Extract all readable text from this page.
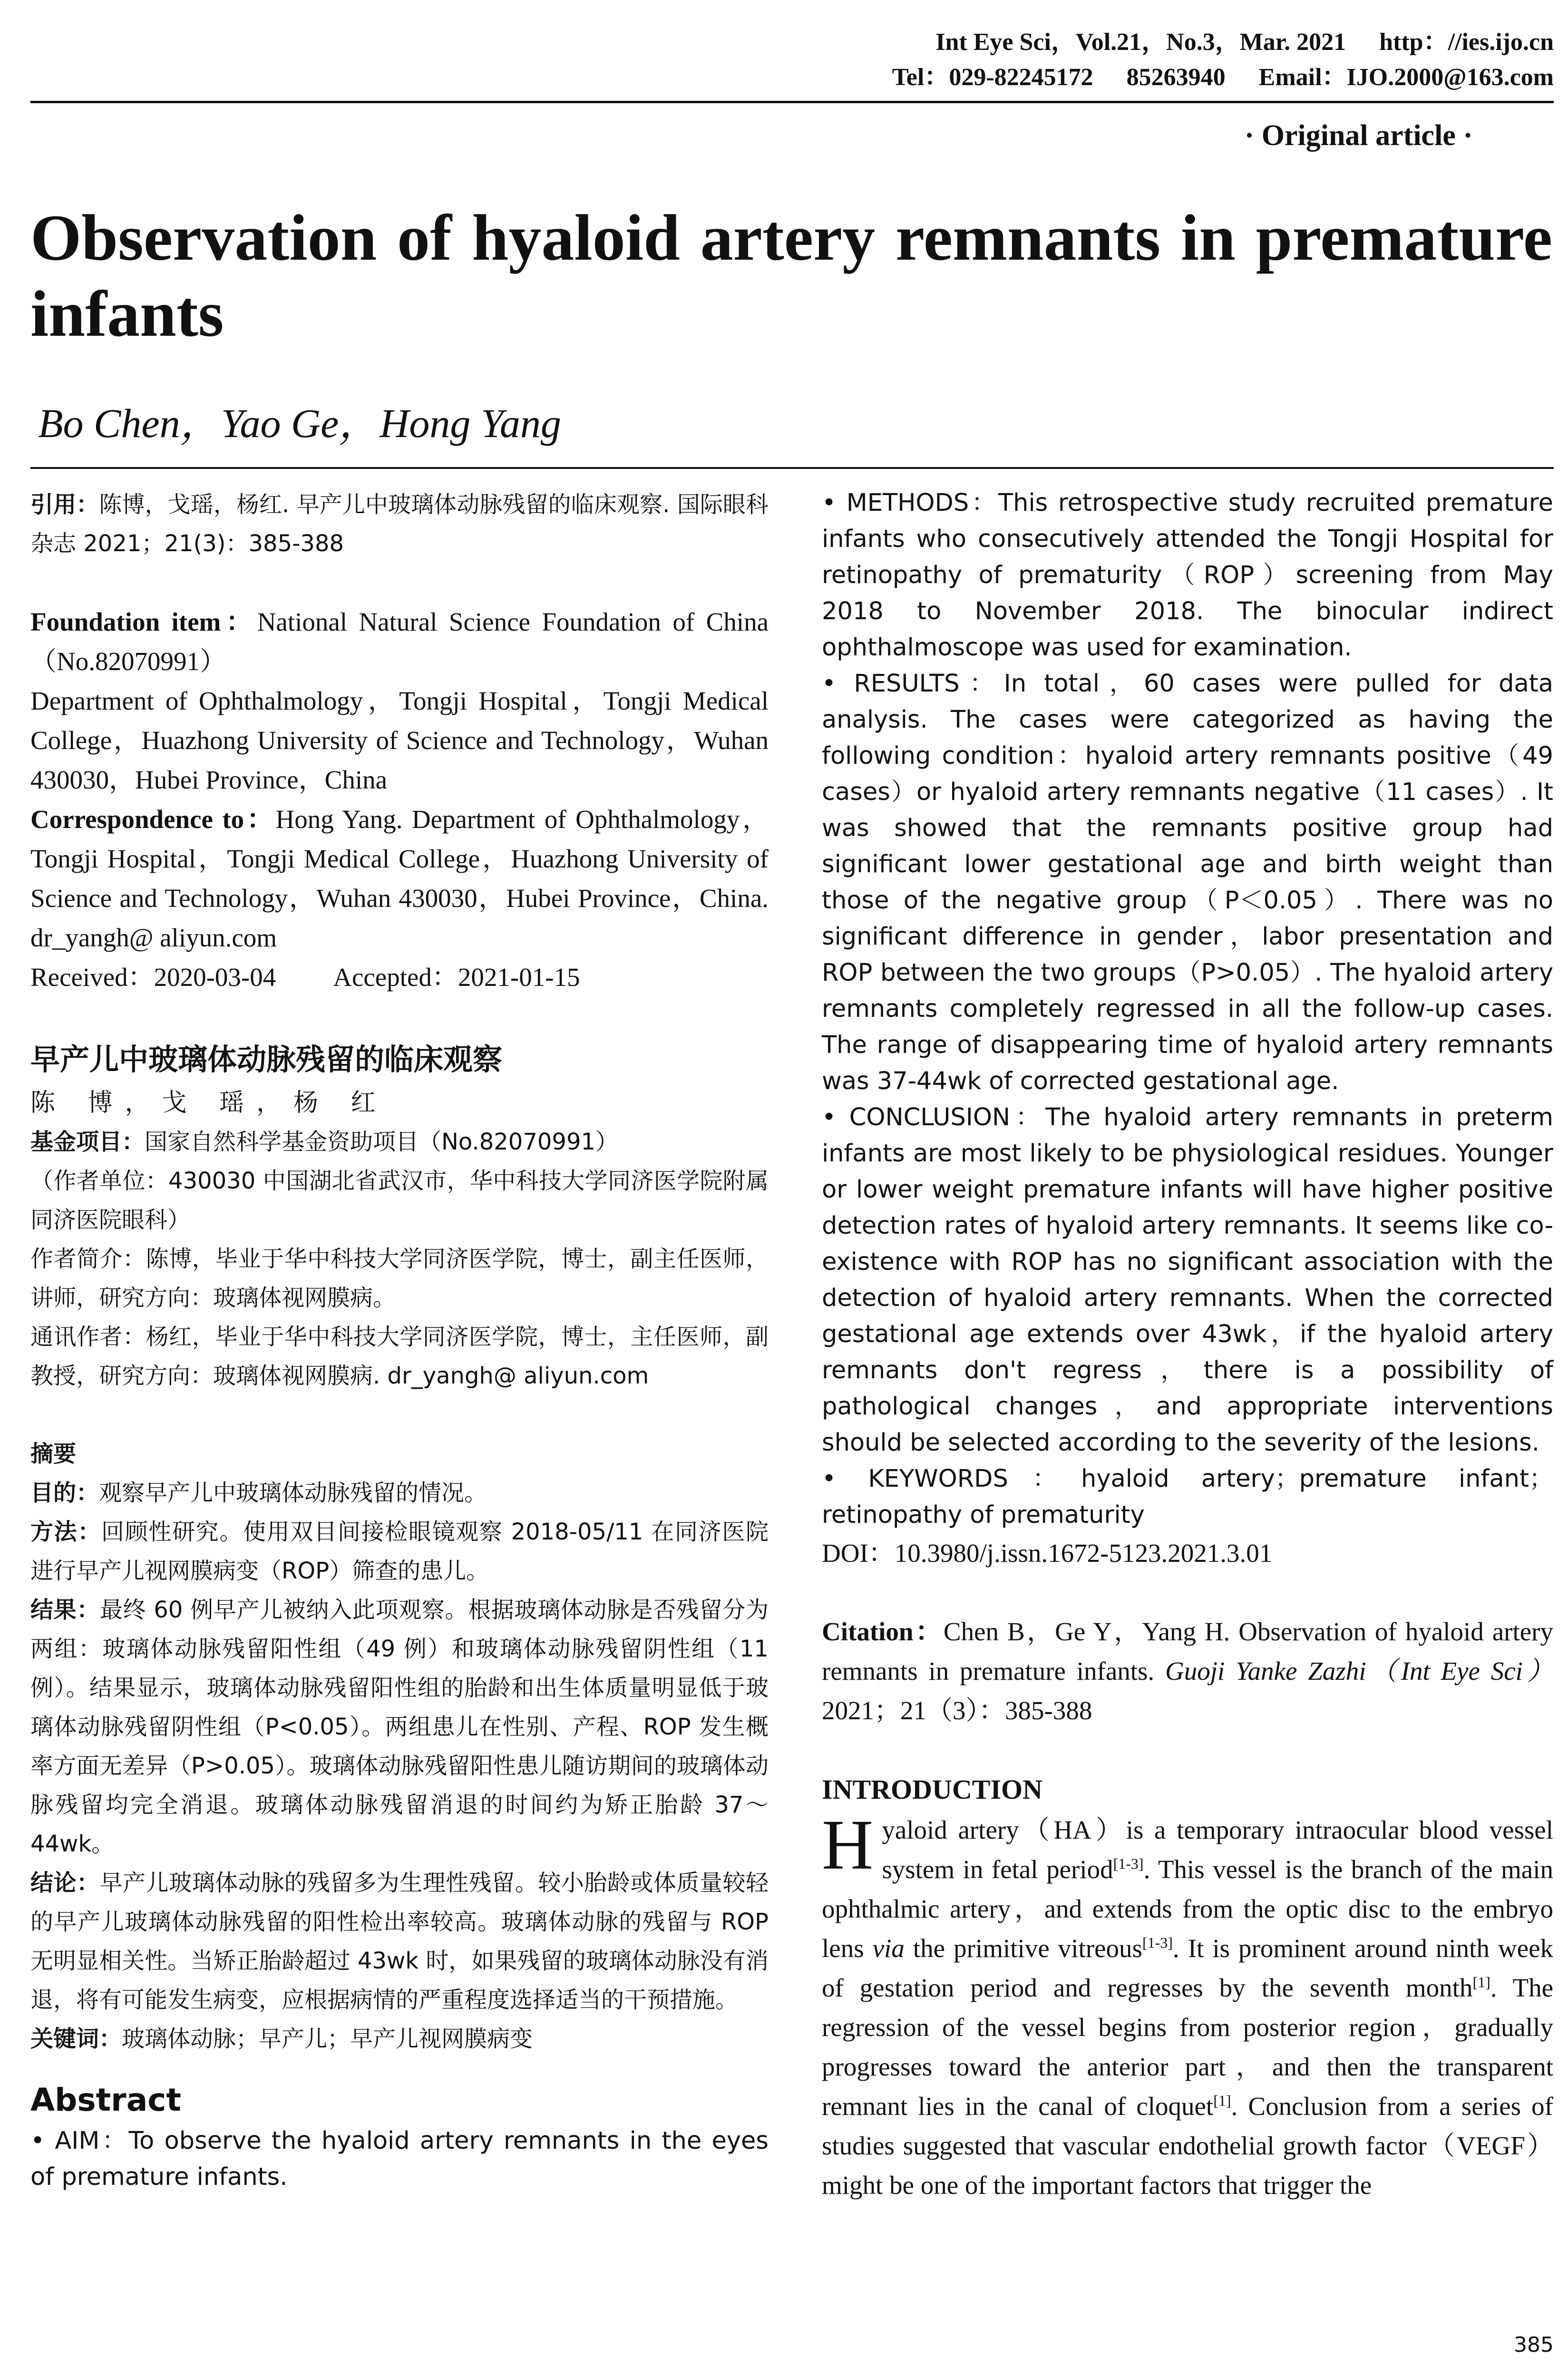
Int Eye Sci，Vol.21，No.3，Mar. 2021 http：//ies.ijo.cn
Tel：029-82245172 85263940 Email：IJO.2000@163.com
· Original article ·
Observation of hyaloid artery remnants in premature infants
Bo Chen，Yao Ge，Hong Yang

引用：陈博，戈瑶，杨红. 早产儿中玻璃体动脉残留的临床观察. 国际眼科杂志 2021；21(3)：385-388

Foundation item：National Natural Science Foundation of China（No.82070991）

Department of Ophthalmology，Tongji Hospital，Tongji Medical College，Huazhong University of Science and Technology，Wuhan 430030，Hubei Province，China

Correspondence to：Hong Yang. Department of Ophthalmology，Tongji Hospital，Tongji Medical College，Huazhong University of Science and Technology，Wuhan 430030，Hubei Province，China. dr_yangh@ aliyun.com

Received：2020-03-04 Accepted：2021-01-15

早产儿中玻璃体动脉残留的临床观察

陈 博，戈 瑶，杨 红

基金项目：国家自然科学基金资助项目（No.82070991）

（作者单位：430030 中国湖北省武汉市，华中科技大学同济医学院附属同济医院眼科）

作者简介：陈博，毕业于华中科技大学同济医学院，博士，副主任医师，讲师，研究方向：玻璃体视网膜病。

通讯作者：杨红，毕业于华中科技大学同济医学院，博士，主任医师，副教授，研究方向：玻璃体视网膜病. dr_yangh@ aliyun.com

摘要

目的：观察早产儿中玻璃体动脉残留的情况。

方法：回顾性研究。使用双目间接检眼镜观察 2018-05/11 在同济医院进行早产儿视网膜病变（ROP）筛查的患儿。

结果：最终 60 例早产儿被纳入此项观察。根据玻璃体动脉是否残留分为两组：玻璃体动脉残留阳性组（49 例）和玻璃体动脉残留阴性组（11 例）。结果显示，玻璃体动脉残留阳性组的胎龄和出生体质量明显低于玻璃体动脉残留阴性组（P<0.05）。两组患儿在性别、产程、ROP 发生概率方面无差异（P>0.05）。玻璃体动脉残留阳性患儿随访期间的玻璃体动脉残留均完全消退。玻璃体动脉残留消退的时间约为矫正胎龄 37～44wk。

结论：早产儿玻璃体动脉的残留多为生理性残留。较小胎龄或体质量较轻的早产儿玻璃体动脉残留的阳性检出率较高。玻璃体动脉的残留与 ROP 无明显相关性。当矫正胎龄超过 43wk 时，如果残留的玻璃体动脉没有消退，将有可能发生病变，应根据病情的严重程度选择适当的干预措施。

关键词：玻璃体动脉；早产儿；早产儿视网膜病变

Abstract

• AIM：To observe the hyaloid artery remnants in the eyes of premature infants.

• METHODS：This retrospective study recruited premature infants who consecutively attended the Tongji Hospital for retinopathy of prematurity（ROP）screening from May 2018 to November 2018. The binocular indirect ophthalmoscope was used for examination.

• RESULTS：In total，60 cases were pulled for data analysis. The cases were categorized as having the following condition：hyaloid artery remnants positive（49 cases）or hyaloid artery remnants negative（11 cases）. It was showed that the remnants positive group had significant lower gestational age and birth weight than those of the negative group（P＜0.05）. There was no significant difference in gender，labor presentation and ROP between the two groups（P>0.05）. The hyaloid artery remnants completely regressed in all the follow-up cases. The range of disappearing time of hyaloid artery remnants was 37-44wk of corrected gestational age.

• CONCLUSION：The hyaloid artery remnants in preterm infants are most likely to be physiological residues. Younger or lower weight premature infants will have higher positive detection rates of hyaloid artery remnants. It seems like co-existence with ROP has no significant association with the detection of hyaloid artery remnants. When the corrected gestational age extends over 43wk，if the hyaloid artery remnants don't regress，there is a possibility of pathological changes，and appropriate interventions should be selected according to the severity of the lesions.

• KEYWORDS：hyaloid artery；premature infant；retinopathy of prematurity

DOI：10.3980/j.issn.1672-5123.2021.3.01

Citation：Chen B，Ge Y，Yang H. Observation of hyaloid artery remnants in premature infants. Guoji Yanke Zazhi（Int Eye Sci） 2021；21（3）：385-388

INTRODUCTION

Hyaloid artery（HA）is a temporary intraocular blood vessel system in fetal period[1-3]. This vessel is the branch of the main ophthalmic artery，and extends from the optic disc to the embryo lens via the primitive vitreous[1-3]. It is prominent around ninth week of gestation period and regresses by the seventh month[1]. The regression of the vessel begins from posterior region，gradually progresses toward the anterior part，and then the transparent remnant lies in the canal of cloquet[1]. Conclusion from a series of studies suggested that vascular endothelial growth factor（VEGF）might be one of the important factors that trigger the

385
